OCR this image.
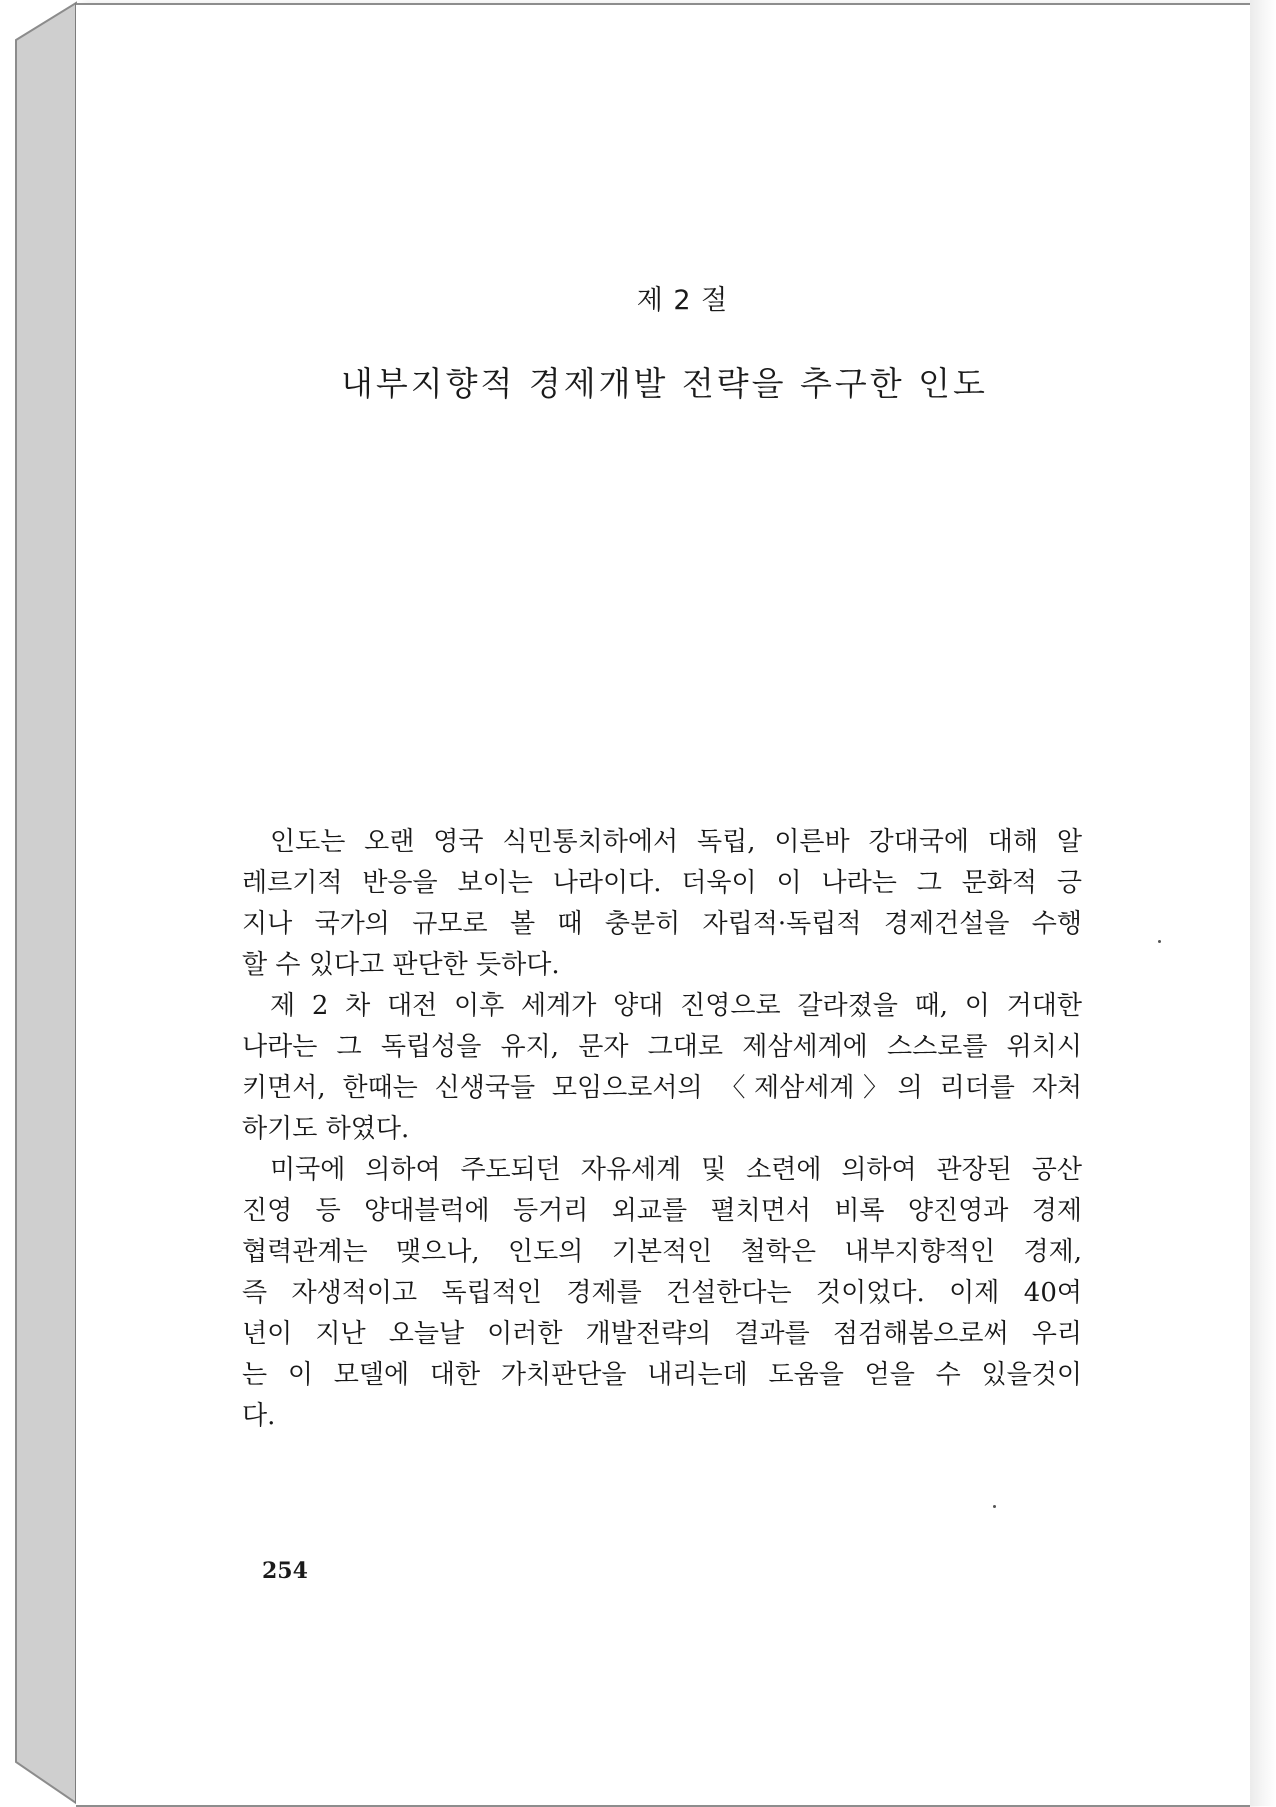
제 2 절
내부지향적 경제개발 전략을 추구한 인도
인도는 오랜 영국 식민통치하에서 독립, 이른바 강대국에 대해 알
레르기적 반응을 보이는 나라이다. 더욱이 이 나라는 그 문화적 긍
지나 국가의 규모로 볼 때 충분히 자립적·독립적 경제건설을 수행
할 수 있다고 판단한 듯하다.
제 2 차 대전 이후 세계가 양대 진영으로 갈라졌을 때, 이 거대한
나라는 그 독립성을 유지, 문자 그대로 제삼세계에 스스로를 위치시
키면서, 한때는 신생국들 모임으로서의 〈제삼세계〉의 리더를 자처
하기도 하였다.
미국에 의하여 주도되던 자유세계 및 소련에 의하여 관장된 공산
진영 등 양대블럭에 등거리 외교를 펼치면서 비록 양진영과 경제
협력관계는 맺으나, 인도의 기본적인 철학은 내부지향적인 경제,
즉 자생적이고 독립적인 경제를 건설한다는 것이었다. 이제 40여
년이 지난 오늘날 이러한 개발전략의 결과를 점검해봄으로써 우리
는 이 모델에 대한 가치판단을 내리는데 도움을 얻을 수 있을것이
다.
254
